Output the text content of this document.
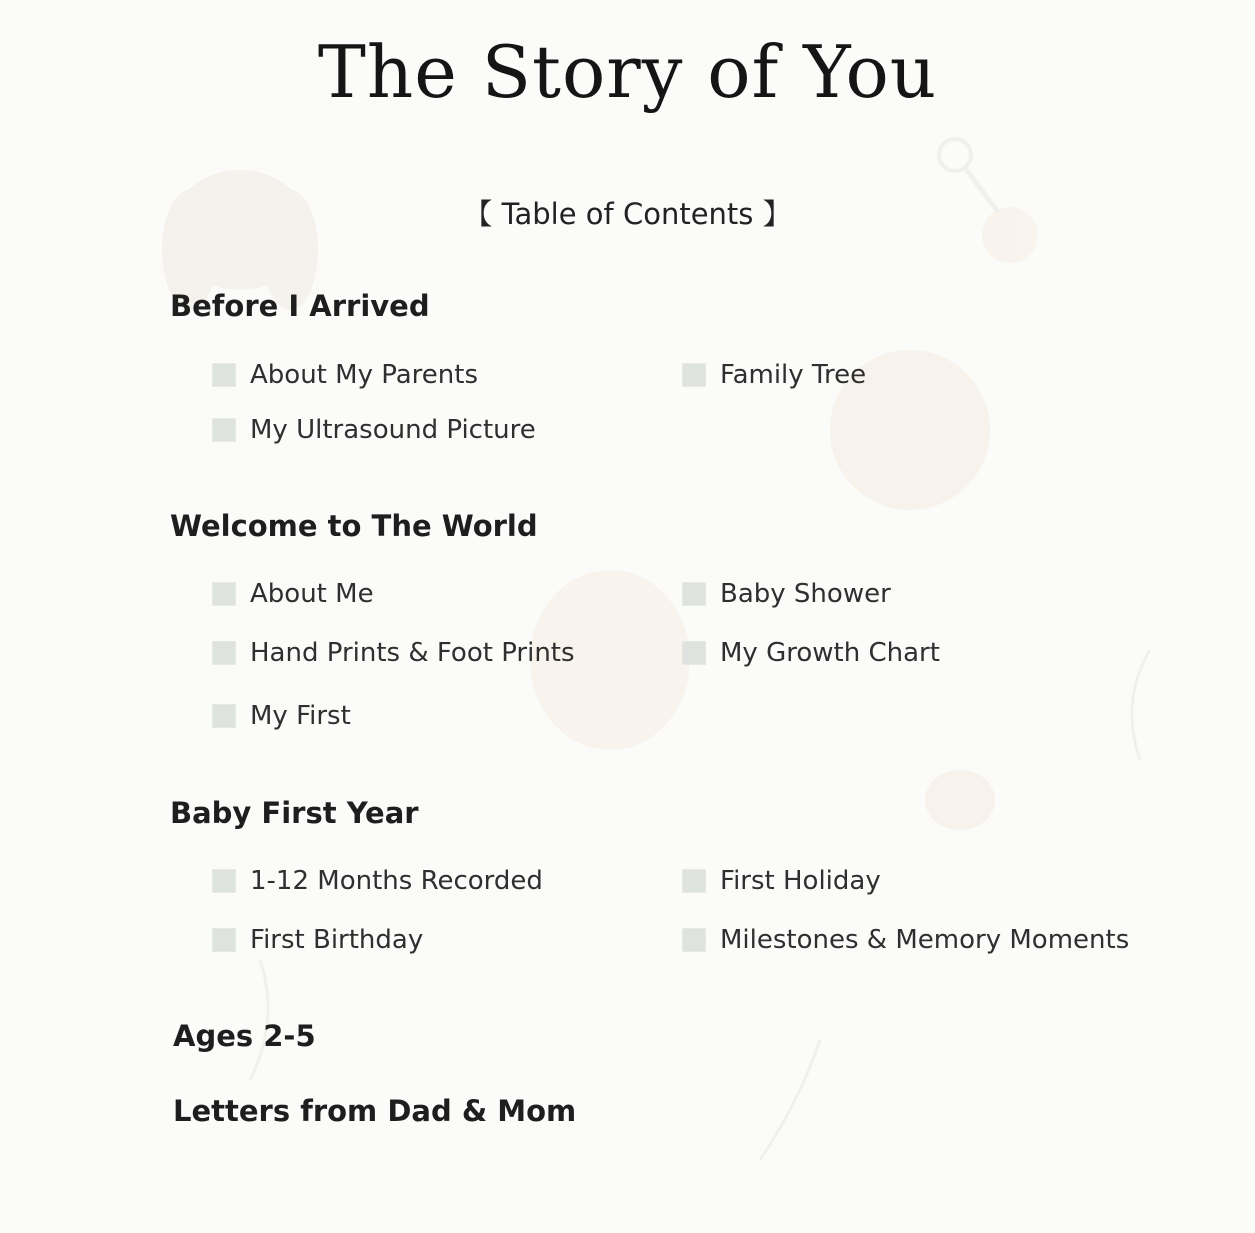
The Story of You
【 Table of Contents 】
Before I Arrived
About My Parents	Family Tree
My Ultrasound Picture
Welcome to The World
About Me	Baby Shower
Hand Prints & Foot Prints	My Growth Chart
My First
Baby First Year
1-12 Months Recorded	First Holiday
First Birthday	Milestones & Memory Moments
Ages 2-5
Letters from Dad & Mom
